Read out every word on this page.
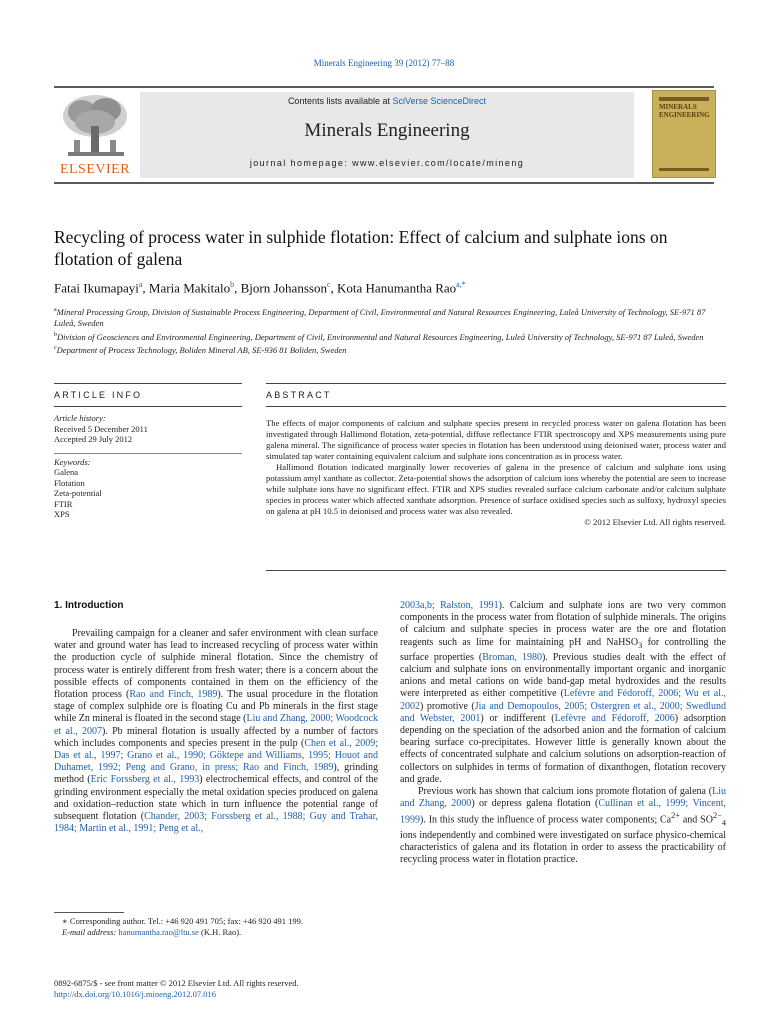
Minerals Engineering 39 (2012) 77–88
ELSEVIER
Contents lists available at SciVerse ScienceDirect
Minerals Engineering
journal homepage: www.elsevier.com/locate/mineng
MINERALS
ENGINEERING
Recycling of process water in sulphide flotation: Effect of calcium and sulphate ions on flotation of galena
Fatai Ikumapayi$^a$, Maria Makitalo$^b$, Bjorn Johansson$^c$, Kota Hanumantha Rao$^{a,*}$
$^a$Mineral Processing Group, Division of Sustainable Process Engineering, Department of Civil, Environmental and Natural Resources Engineering, Luleå University of Technology, SE-971 87 Luleå, Sweden
$^b$Division of Geosciences and Environmental Engineering, Department of Civil, Environmental and Natural Resources Engineering, Luleå University of Technology, SE-971 87 Luleå, Sweden
$^c$Department of Process Technology, Boliden Mineral AB, SE-936 81 Boliden, Sweden
ARTICLE INFO	ABSTRACT
Article history:
Received 5 December 2011
Accepted 29 July 2012
Keywords:
Galena
Flotation
Zeta-potential
FTIR
XPS

The effects of major components of calcium and sulphate species present in recycled process water on galena flotation has been investigated through Hallimond flotation, zeta-potential, diffuse reflectance FTIR spectroscopy and XPS measurements using pure galena mineral. The significance of process water species in flotation has been understood using deionised water, process water and simulated tap water containing equivalent calcium and sulphate ions concentration as in process water.

Hallimond flotation indicated marginally lower recoveries of galena in the presence of calcium and sulphate ions using potassium amyl xanthate as collector. Zeta-potential shows the adsorption of calcium ions whereby the potential are seen to increase while sulphate ions have no significant effect. FTIR and XPS studies revealed surface calcium carbonate and/or calcium sulphate species in process water which affected xanthate adsorption. Presence of surface oxidised species such as sulfoxy, hydroxyl species on galena at pH 10.5 in deionised and process water was also revealed.

© 2012 Elsevier Ltd. All rights reserved.
1. Introduction

Prevailing campaign for a cleaner and safer environment with clean surface water and ground water has lead to increased recycling of process water within the production cycle of sulphide mineral flotation. Since the chemistry of process water is entirely different from fresh water; there is a concern about the possible effects of components contained in them on the efficiency of the flotation process (Rao and Finch, 1989). The usual procedure in the flotation stage of complex sulphide ore is floating Cu and Pb minerals in the first stage while Zn mineral is floated in the second stage (Liu and Zhang, 2000; Woodcock et al., 2007). Pb mineral flotation is usually affected by a number of factors which includes components and species present in the pulp (Chen et al., 2009; Das et al., 1997; Grano et al., 1990; Göktepe and Williams, 1995; Houot and Duhamet, 1992; Peng and Grano, in press; Rao and Finch, 1989), grinding method (Eric Forssberg et al., 1993) electrochemical effects, and control of the grinding environment especially the metal oxidation species produced on galena and oxidation–reduction state which in turn influence the potential range of subsequent flotation (Chander, 2003; Forssberg et al., 1988; Guy and Trahar, 1984; Martin et al., 1991; Peng et al.,

2003a,b; Ralston, 1991). Calcium and sulphate ions are two very common components in the process water from flotation of sulphide minerals. The origins of calcium and sulphate species in process water are the ore and flotation reagents such as lime for maintaining pH and NaHSO$_3$ for controlling the surface properties (Broman, 1980). Previous studies dealt with the effect of calcium and sulphate ions on environmentally important organic and inorganic anions and metal cations on wide band-gap metal hydroxides and the results were interpreted as either competitive (Lefèvre and Fédoroff, 2006; Wu et al., 2002) promotive (Jia and Demopoulos, 2005; Ostergren et al., 2000; Swedlund and Webster, 2001) or indifferent (Lefèvre and Fédoroff, 2006) adsorption depending on the speciation of the adsorbed anion and the formation of calcium bearing surface co-precipitates. However little is generally known about the effects of concentrated sulphate and calcium solutions on adsorption-reaction of collectors on sulphides in terms of formation of dixanthogen, flotation recovery and grade.

Previous work has shown that calcium ions promote flotation of galena (Liu and Zhang, 2000) or depress galena flotation (Cullinan et al., 1999; Vincent, 1999). In this study the influence of process water components; $Ca^{2+}$ and $SO^{2-}_4$ ions independently and combined were investigated on surface physico-chemical characteristics of galena and its flotation in order to assess the practicability of recycling process water in flotation practice.

∗ Corresponding author. Tel.: +46 920 491 705; fax: +46 920 491 199.
E-mail address: hanumantha.rao@ltu.se (K.H. Rao).
0892-6875/$ - see front matter © 2012 Elsevier Ltd. All rights reserved.
http://dx.doi.org/10.1016/j.mineng.2012.07.016
